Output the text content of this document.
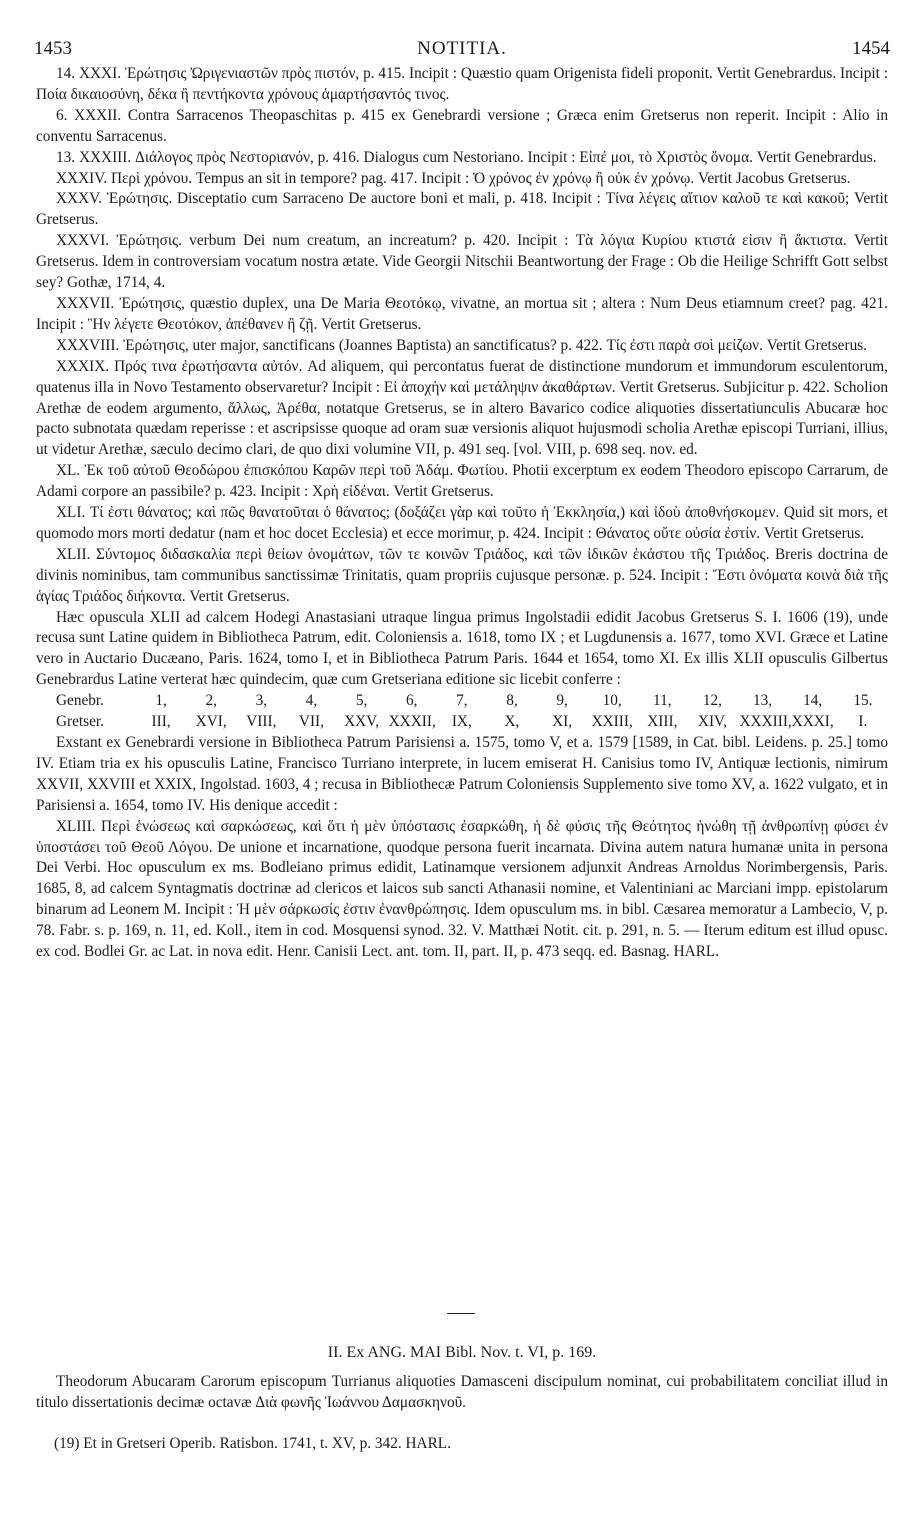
1453	NOTITIA.	1454

14. XXXI. Ἐρώτησις Ὠριγενιαστῶν πρὸς πιστόν, p. 415. Incipit : Quæstio quam Origenista fideli proponit. Vertit Genebrardus. Incipit : Ποία δικαιοσύνη, δέκα ἢ πεντήκοντα χρόνους ἁμαρτήσαντός τινος.

6. XXXII. Contra Sarracenos Theopaschitas p. 415 ex Genebrardi versione ; Græca enim Gretserus non reperit. Incipit : Alio in conventu Sarracenus.

13. XXXIII. Διάλογος πρὸς Νεστοριανόν, p. 416. Dialogus cum Nestoriano. Incipit : Εἰπέ μοι, τὸ Χριστὸς ὄνομα. Vertit Genebrardus.

XXXIV. Περὶ χρόνου. Tempus an sit in tempore? pag. 417. Incipit : Ὁ χρόνος ἐν χρόνῳ ἢ οὐκ ἐν χρόνῳ. Vertit Jacobus Gretserus.

XXXV. Ἐρώτησις. Disceptatio cum Sarraceno De auctore boni et mali, p. 418. Incipit : Τίνα λέγεις αἴτιον καλοῦ τε καὶ κακοῦ; Vertit Gretserus.

XXXVI. Ἐρώτησις. verbum Dei num creatum, an increatum? p. 420. Incipit : Τὰ λόγια Κυρίου κτιστά εἰσιν ἢ ἄκτιστα. Vertit Gretserus. Idem in controversiam vocatum nostra ætate. Vide Georgii Nitschii Beantwortung der Frage : Ob die Heilige Schrifft Gott selbst sey? Gothæ, 1714, 4.

XXXVII. Ἐρώτησις, quæstio duplex, una De Maria Θεοτόκῳ, vivatne, an mortua sit ; altera : Num Deus etiamnum creet? pag. 421. Incipit : Ἣν λέγετε Θεοτόκον, ἀπέθανεν ἢ ζῇ. Vertit Gretserus.

XXXVIII. Ἐρώτησις, uter major, sanctificans (Joannes Baptista) an sanctificatus? p. 422. Τίς ἐστι παρὰ σοὶ μείζων. Vertit Gretserus.

XXXIX. Πρός τινα ἐρωτήσαντα αὐτόν. Ad aliquem, qui percontatus fuerat de distinctione mundorum et immundorum esculentorum, quatenus illa in Novo Testamento observaretur? Incipit : Εἰ ἀποχὴν καὶ μετάληψιν ἀκαθάρτων. Vertit Gretserus. Subjicitur p. 422. Scholion Arethæ de eodem argumento, ἄλλως, Ἀρέθα, notatque Gretserus, se in altero Bavarico codice aliquoties dissertatiunculis Abucaræ hoc pacto subnotata quædam reperisse : et ascripsisse quoque ad oram suæ versionis aliquot hujusmodi scholia Arethæ episcopi Turriani, illius, ut videtur Arethæ, sæculo decimo clari, de quo dixi volumine VII, p. 491 seq. [vol. VIII, p. 698 seq. nov. ed.

XL. Ἐκ τοῦ αὐτοῦ Θεοδώρου ἐπισκόπου Καρῶν περὶ τοῦ Ἀδάμ. Φωτίου. Photii excerptum ex eodem Theodoro episcopo Carrarum, de Adami corpore an passibile? p. 423. Incipit : Χρὴ εἰδέναι. Vertit Gretserus.

XLI. Τί ἐστι θάνατος; καὶ πῶς θανατοῦται ὁ θάνατος; (δοξάζει γὰρ καὶ τοῦτο ἡ Ἐκκλησία,) καὶ ἰδοὺ ἀποθνήσκομεν. Quid sit mors, et quomodo mors morti dedatur (nam et hoc docet Ecclesia) et ecce morimur, p. 424. Incipit : Θάνατος οὔτε οὐσία ἐστίν. Vertit Gretserus.

XLII. Σύντομος διδασκαλία περὶ θείων ὀνομάτων, τῶν τε κοινῶν Τριάδος, καὶ τῶν ἰδικῶν ἑκάστου τῆς Τριάδος. Breris doctrina de divinis nominibus, tam communibus sanctissimæ Trinitatis, quam propriis cujusque personæ. p. 524. Incipit : Ἔστι ὀνόματα κοινὰ διὰ τῆς ἁγίας Τριάδος διήκοντα. Vertit Gretserus.

Hæc opuscula XLII ad calcem Hodegi Anastasiani utraque lingua primus Ingolstadii edidit Jacobus Gretserus S. I. 1606 (19), unde recusa sunt Latine quidem in Bibliotheca Patrum, edit. Coloniensis a. 1618, tomo IX ; et Lugdunensis a. 1677, tomo XVI. Græce et Latine vero in Auctario Ducæano, Paris. 1624, tomo I, et in Bibliotheca Patrum Paris. 1644 et 1654, tomo XI. Ex illis XLII opusculis Gilbertus Genebrardus Latine verterat hæc quindecim, quæ cum Gretseriana editione sic licebit conferre :

Genebr.	1,	2,	3,	4,	5,	6,	7,	8,	9,	10,	11,	12,	13,	14,	15.
Gretser.	III,	XVI,	VIII,	VII,	XXV,	XXXII,	IX,	X,	XI,	XXIII,	XIII,	XIV,	XXXIII,	XXXI,	I.

Exstant ex Genebrardi versione in Bibliotheca Patrum Parisiensi a. 1575, tomo V, et a. 1579 [1589, in Cat. bibl. Leidens. p. 25.] tomo IV. Etiam tria ex his opusculis Latine, Francisco Turriano interprete, in lucem emiserat H. Canisius tomo IV, Antiquæ lectionis, nimirum XXVII, XXVIII et XXIX, Ingolstad. 1603, 4 ; recusa in Bibliothecæ Patrum Coloniensis Supplemento sive tomo XV, a. 1622 vulgato, et in Parisiensi a. 1654, tomo IV. His denique accedit :

XLIII. Περὶ ἑνώσεως καὶ σαρκώσεως, καὶ ὅτι ἡ μὲν ὑπόστασις ἐσαρκώθη, ἡ δὲ φύσις τῆς Θεότητος ἡνώθη τῇ ἀνθρωπίνῃ φύσει ἐν ὑποστάσει τοῦ Θεοῦ Λόγου. De unione et incarnatione, quodque persona fuerit incarnata. Divina autem natura humanæ unita in persona Dei Verbi. Hoc opusculum ex ms. Bodleiano primus edidit, Latinamque versionem adjunxit Andreas Arnoldus Norimbergensis, Paris. 1685, 8, ad calcem Syntagmatis doctrinæ ad clericos et laicos sub sancti Athanasii nomine, et Valentiniani ac Marciani impp. epistolarum binarum ad Leonem M. Incipit : Ἡ μὲν σάρκωσίς ἐστιν ἐνανθρώπησις. Idem opusculum ms. in bibl. Cæsarea memoratur a Lambecio, V, p. 78. Fabr. s. p. 169, n. 11, ed. Koll., item in cod. Mosquensi synod. 32. V. Matthæi Notit. cit. p. 291, n. 5. — Iterum editum est illud opusc. ex cod. Bodlei Gr. ac Lat. in nova edit. Henr. Canisii Lect. ant. tom. II, part. II, p. 473 seqq. ed. Basnag. HARL.

II. Ex ANG. MAI Bibl. Nov. t. VI, p. 169.

Theodorum Abucaram Carorum episcopum Turrianus aliquoties Damasceni discipulum nominat, cui probabilitatem conciliat illud in titulo dissertationis decimæ octavæ Διὰ φωνῆς Ἰωάννου Δαμασκηνοῦ.

(19) Et in Gretseri Operib. Ratisbon. 1741, t. XV, p. 342. HARL.
